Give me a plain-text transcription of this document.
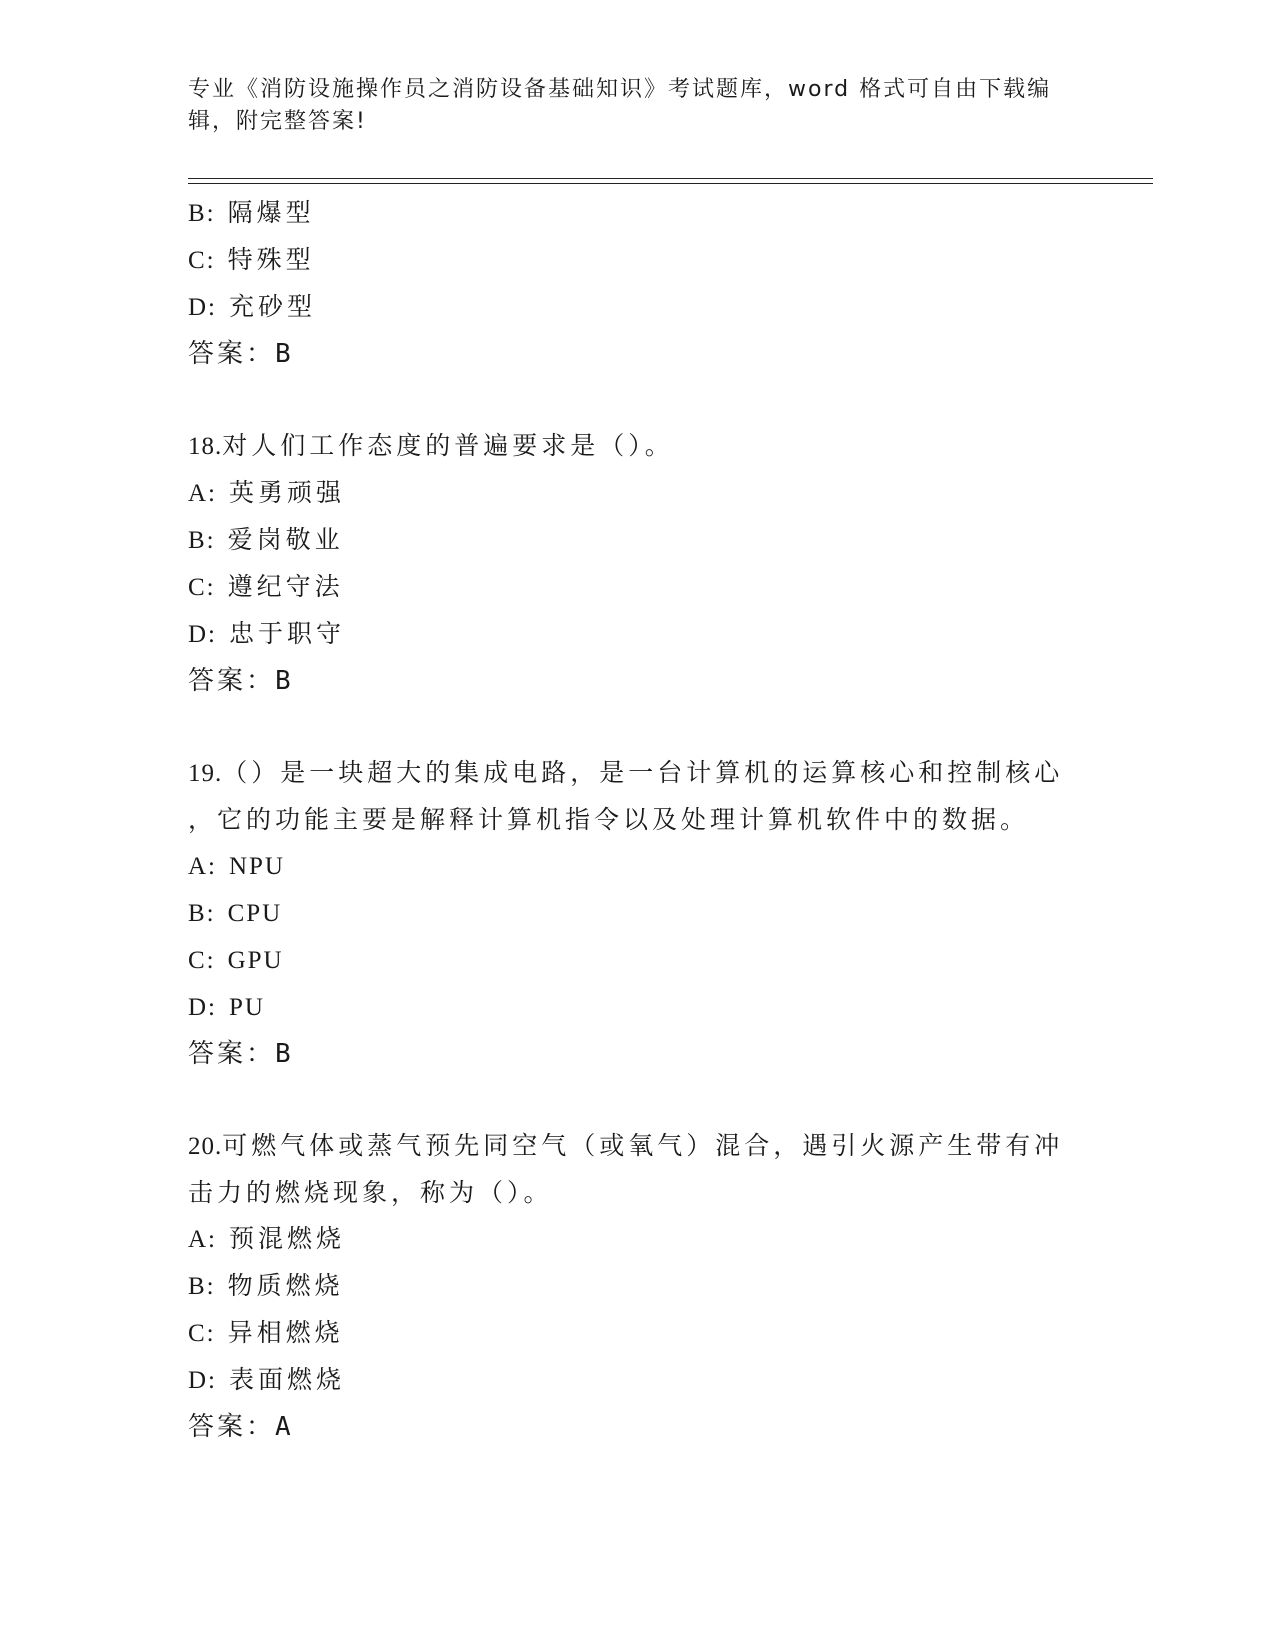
专业《消防设施操作员之消防设备基础知识》考试题库，word 格式可自由下载编
辑，附完整答案!
B: 隔爆型
C: 特殊型
D: 充砂型
答案：B
18.对人们工作态度的普遍要求是（）。
A: 英勇顽强
B: 爱岗敬业
C: 遵纪守法
D: 忠于职守
答案：B
19.（）是一块超大的集成电路，是一台计算机的运算核心和控制核心
，它的功能主要是解释计算机指令以及处理计算机软件中的数据。
A: NPU
B: CPU
C: GPU
D: PU
答案：B
20.可燃气体或蒸气预先同空气（或氧气）混合，遇引火源产生带有冲
击力的燃烧现象，称为（）。
A: 预混燃烧
B: 物质燃烧
C: 异相燃烧
D: 表面燃烧
答案：A
